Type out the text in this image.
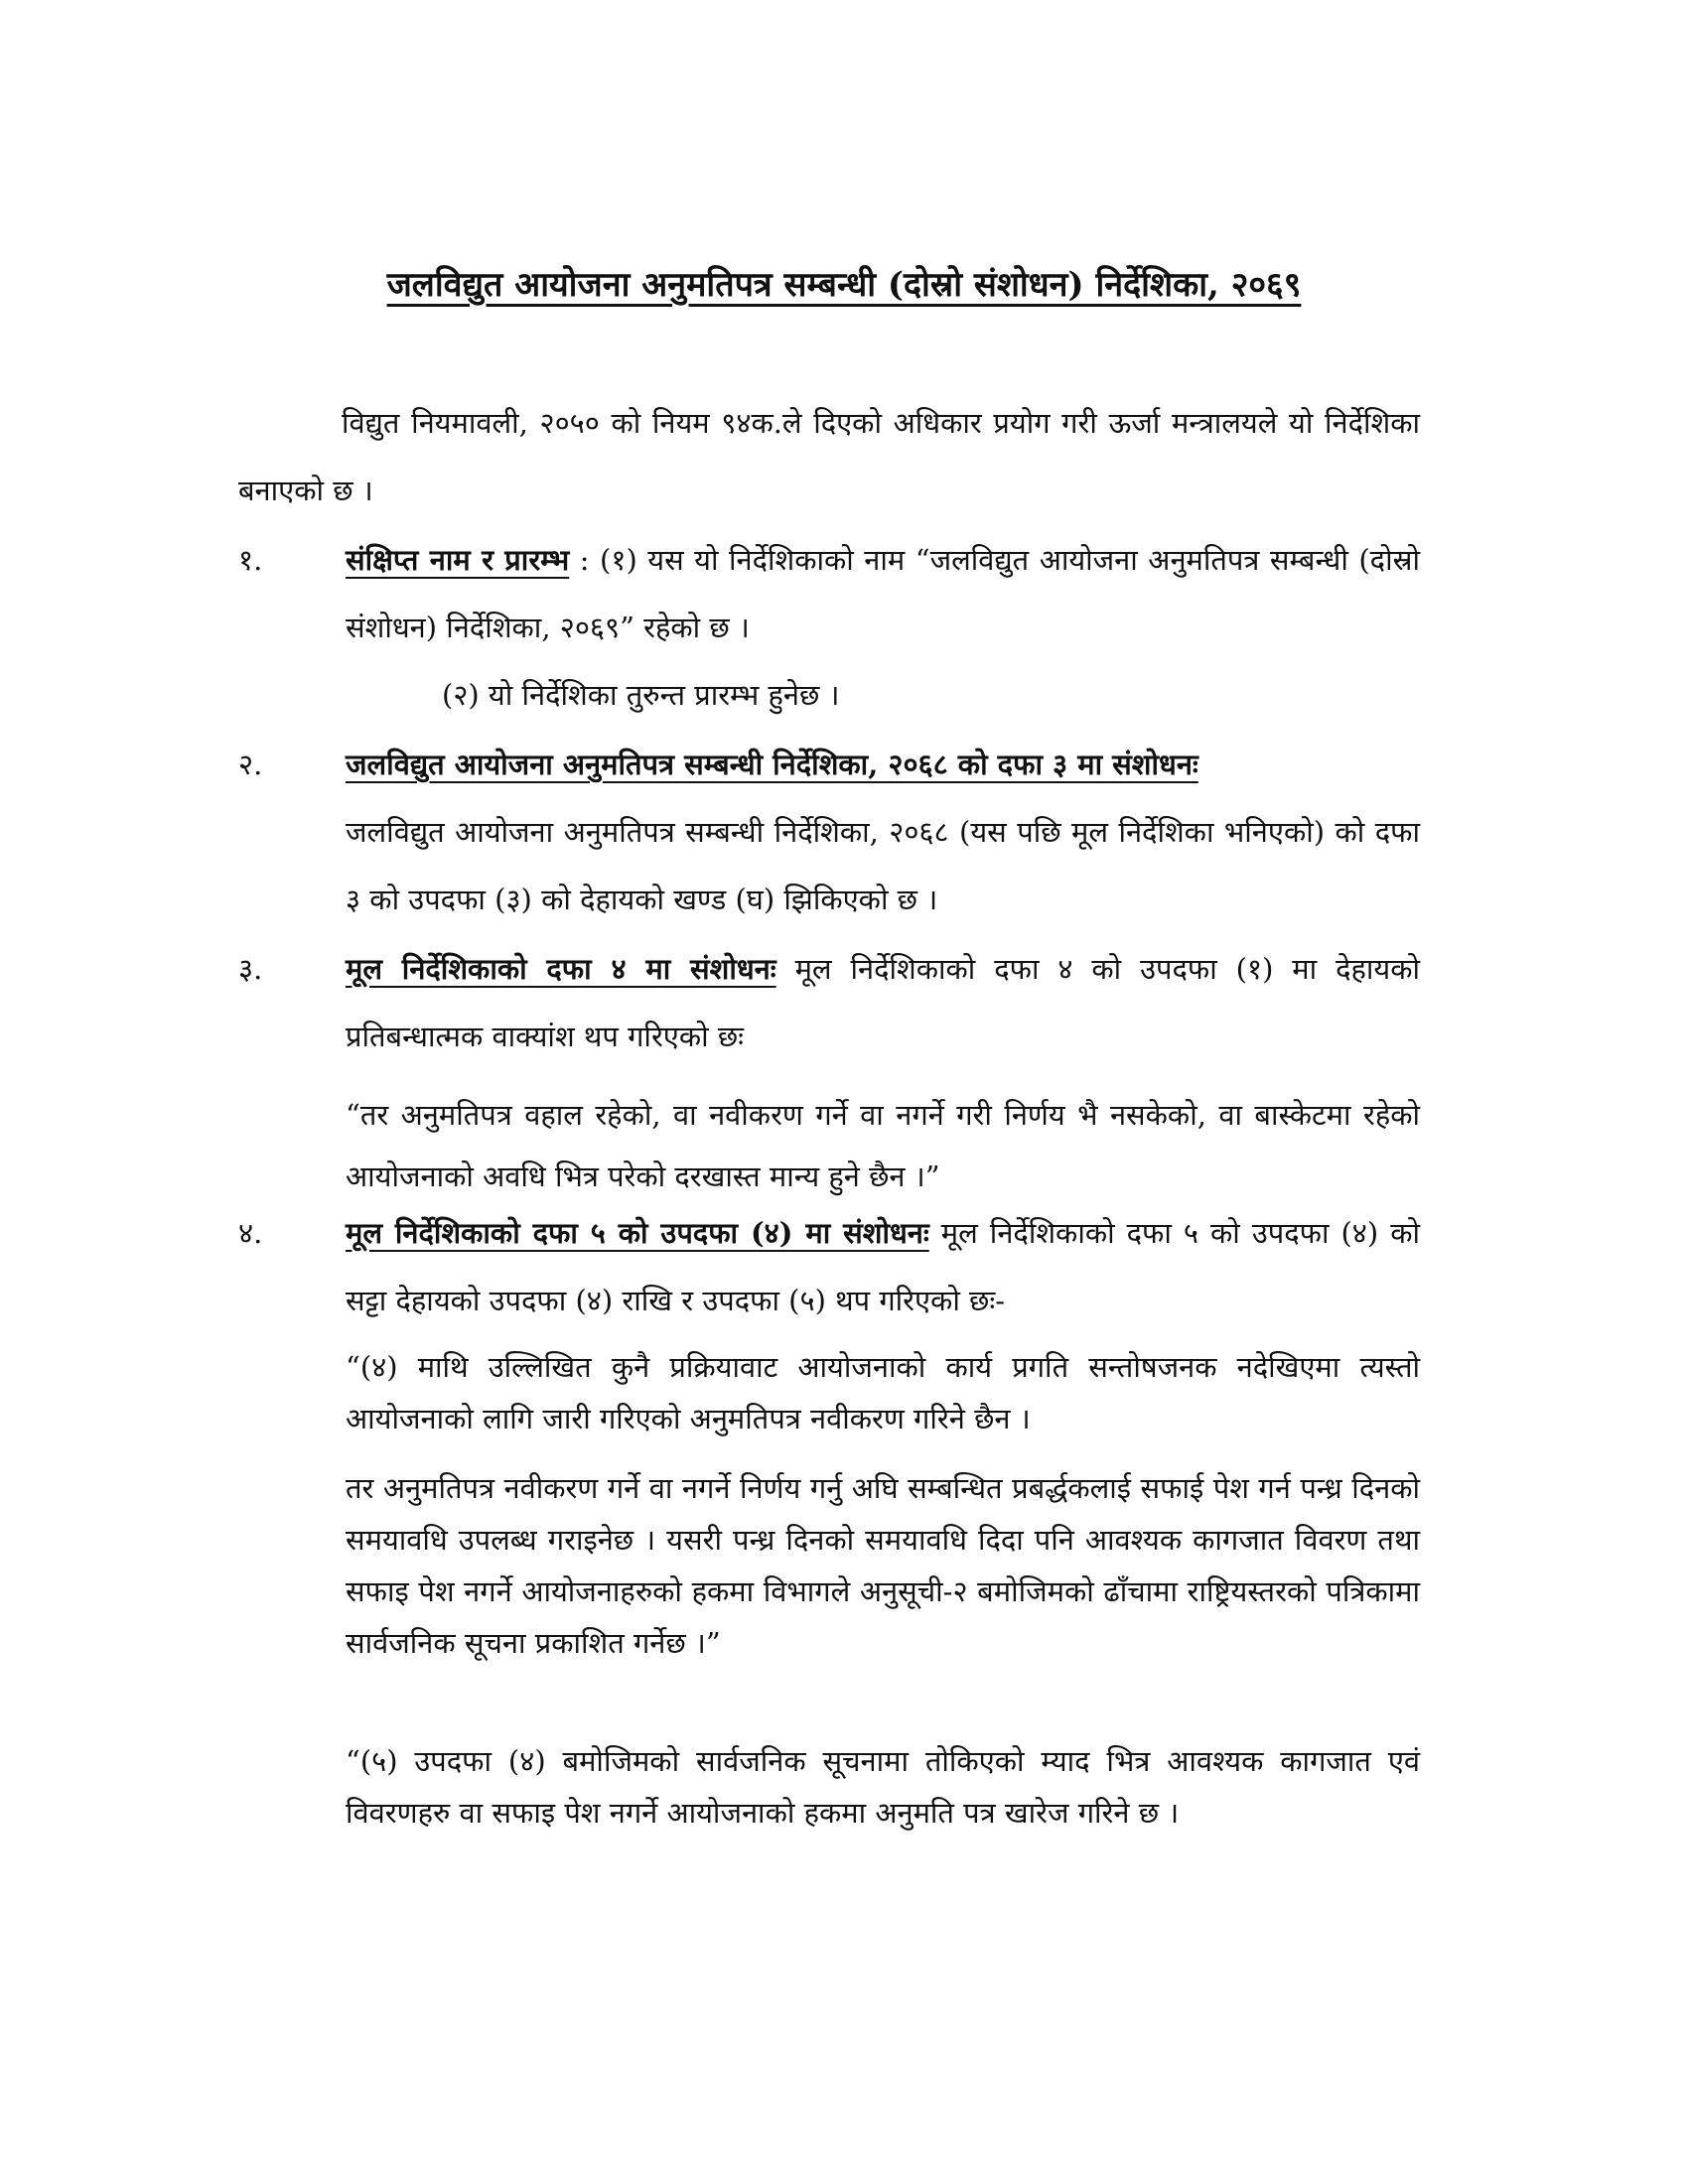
जलविद्युत आयोजना अनुमतिपत्र सम्बन्धी (दोस्रो संशोधन) निर्देशिका, २०६९
विद्युत नियमावली, २०५० को नियम ९४क.ले दिएको अधिकार प्रयोग गरी ऊर्जा मन्त्रालयले यो निर्देशिका बनाएको छ ।
१.	संक्षिप्त नाम र प्रारम्भ : (१) यस यो निर्देशिकाको नाम “जलविद्युत आयोजना अनुमतिपत्र सम्बन्धी (दोस्रो संशोधन) निर्देशिका, २०६९” रहेको छ ।
(२) यो निर्देशिका तुरुन्त प्रारम्भ हुनेछ ।
२.	जलविद्युत आयोजना अनुमतिपत्र सम्बन्धी निर्देशिका, २०६८ को दफा ३ मा संशोधनः
जलविद्युत आयोजना अनुमतिपत्र सम्बन्धी निर्देशिका, २०६८ (यस पछि मूल निर्देशिका भनिएको) को दफा ३ को उपदफा (३) को देहायको खण्ड (घ) झिकिएको छ ।
३.	मूल निर्देशिकाको दफा ४ मा संशोधनः मूल निर्देशिकाको दफा ४ को उपदफा (१) मा देहायको प्रतिबन्धात्मक वाक्यांश थप गरिएको छः
“तर अनुमतिपत्र वहाल रहेको, वा नवीकरण गर्ने वा नगर्ने गरी निर्णय भै नसकेको, वा बास्केटमा रहेको आयोजनाको अवधि भित्र परेको दरखास्त मान्य हुने छैन ।”
४.	मूल निर्देशिकाको दफा ५ को उपदफा (४) मा संशोधनः मूल निर्देशिकाको दफा ५ को उपदफा (४) को सट्टा देहायको उपदफा (४) राखि र उपदफा (५) थप गरिएको छः-
“(४) माथि उल्लिखित कुनै प्रक्रियावाट आयोजनाको कार्य प्रगति सन्तोषजनक नदेखिएमा त्यस्तो आयोजनाको लागि जारी गरिएको अनुमतिपत्र नवीकरण गरिने छैन ।
तर अनुमतिपत्र नवीकरण गर्ने वा नगर्ने निर्णय गर्नु अघि सम्बन्धित प्रबर्द्धकलाई सफाई पेश गर्न पन्ध्र दिनको समयावधि उपलब्ध गराइनेछ । यसरी पन्ध्र दिनको समयावधि दिदा पनि आवश्यक कागजात विवरण तथा सफाइ पेश नगर्ने आयोजनाहरुको हकमा विभागले अनुसूची-२ बमोजिमको ढाँचामा राष्ट्रियस्तरको पत्रिकामा सार्वजनिक सूचना प्रकाशित गर्नेछ ।”
“(५) उपदफा (४) बमोजिमको सार्वजनिक सूचनामा तोकिएको म्याद भित्र आवश्यक कागजात एवं विवरणहरु वा सफाइ पेश नगर्ने आयोजनाको हकमा अनुमति पत्र खारेज गरिने छ ।
